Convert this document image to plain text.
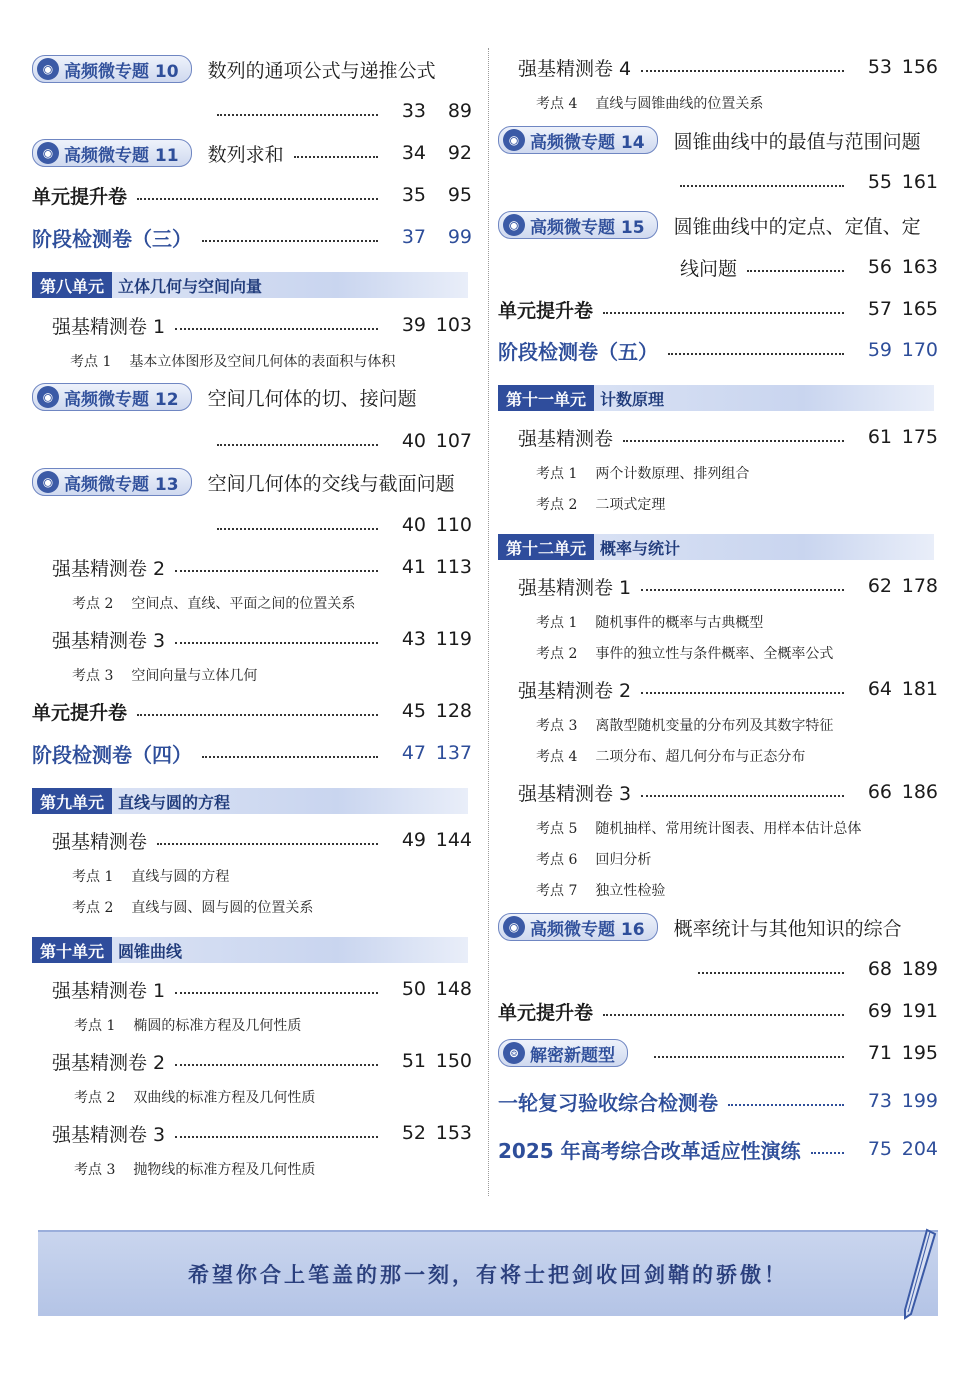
◉ 高频微专题 10 数列的通项公式与递推公式
33	89
◉ 高频微专题 11 数列求和	34	92
单元提升卷	35	95
阶段检测卷（三）	37	99
第八单元 立体几何与空间向量
强基精测卷 1	39 103
考点 1 基本立体图形及空间几何体的表面积与体积
◉ 高频微专题 12 空间几何体的切、接问题
40 107
◉ 高频微专题 13 空间几何体的交线与截面问题
40 110
强基精测卷 2	41 113
考点 2 空间点、直线、平面之间的位置关系
强基精测卷 3	43 119
考点 3 空间向量与立体几何
单元提升卷	45 128
阶段检测卷（四）	47 137
第九单元 直线与圆的方程
强基精测卷	49 144
考点 1 直线与圆的方程
考点 2 直线与圆、圆与圆的位置关系
第十单元 圆锥曲线
强基精测卷 1	50 148
考点 1 椭圆的标准方程及几何性质
强基精测卷 2	51 150
考点 2 双曲线的标准方程及几何性质
强基精测卷 3	52 153
考点 3 抛物线的标准方程及几何性质
强基精测卷 4	53 156
考点 4 直线与圆锥曲线的位置关系
◉ 高频微专题 14 圆锥曲线中的最值与范围问题
55 161
◉ 高频微专题 15 圆锥曲线中的定点、定值、定
线问题	56 163
单元提升卷	57 165
阶段检测卷（五）	59 170
第十一单元 计数原理
强基精测卷	61 175
考点 1 两个计数原理、排列组合
考点 2 二项式定理
第十二单元 概率与统计
强基精测卷 1	62 178
考点 1 随机事件的概率与古典概型
考点 2 事件的独立性与条件概率、全概率公式
强基精测卷 2	64 181
考点 3 离散型随机变量的分布列及其数字特征
考点 4 二项分布、超几何分布与正态分布
强基精测卷 3	66 186
考点 5 随机抽样、常用统计图表、用样本估计总体
考点 6 回归分析
考点 7 独立性检验
◉ 高频微专题 16 概率统计与其他知识的综合
68 189
单元提升卷	69 191
⊛ 解密新题型	71 195
一轮复习验收综合检测卷	73 199
2025 年高考综合改革适应性演练	75 204
希望你合上笔盖的那一刻，有将士把剑收回剑鞘的骄傲！
